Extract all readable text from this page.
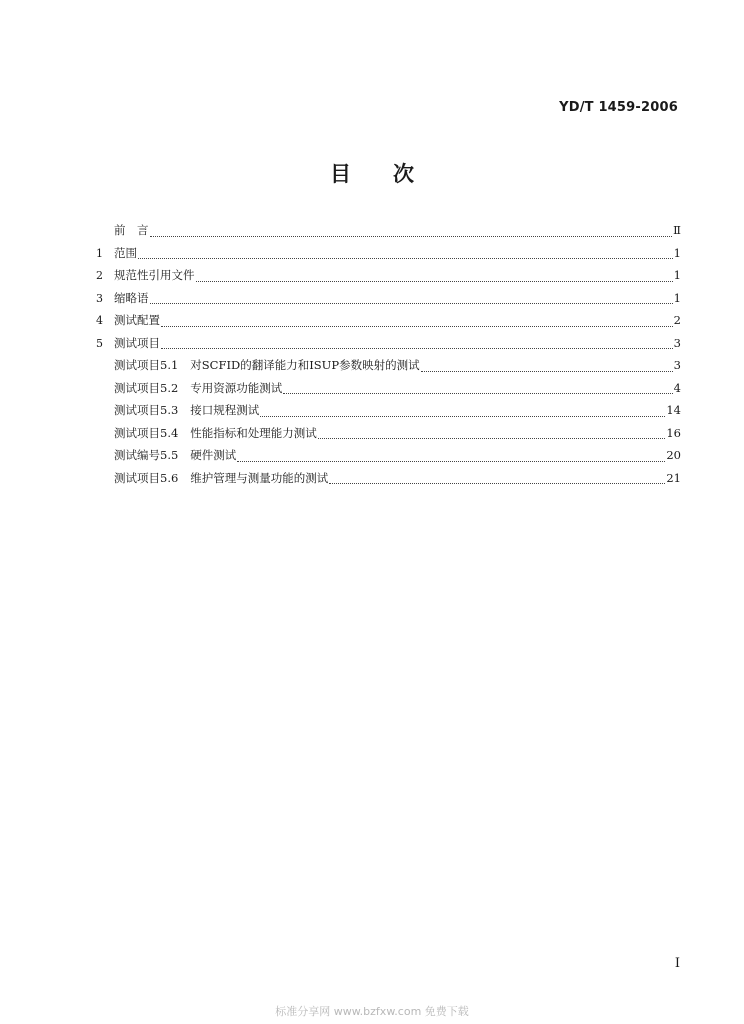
YD/T 1459-2006
目 次
前　言	Ⅱ
1 范围	1
2 规范性引用文件	1
3 缩略语	1
4 测试配置	2
5 测试项目	3
测试项目5.1 对SCFID的翻译能力和ISUP参数映射的测试	3
测试项目5.2 专用资源功能测试	4
测试项目5.3 接口规程测试	14
测试项目5.4 性能指标和处理能力测试	16
测试编号5.5 硬件测试	20
测试项目5.6 维护管理与测量功能的测试	21
I
标准分享网 www.bzfxw.com 免费下载
